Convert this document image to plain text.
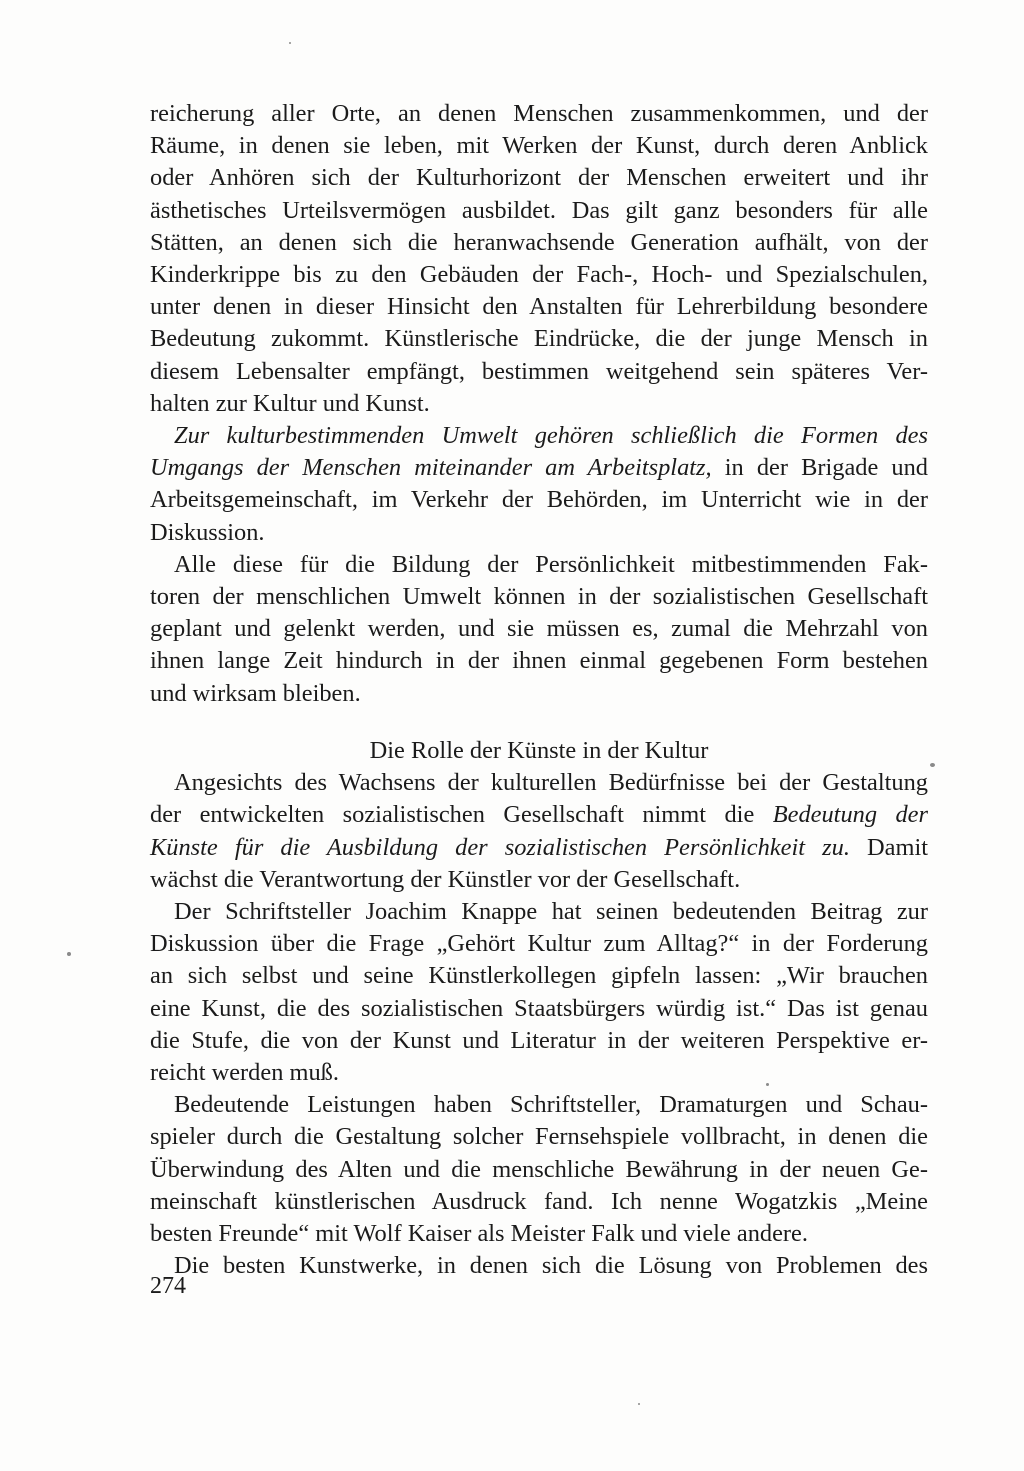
reicherung aller Orte, an denen Menschen zusammenkommen, und der
Räume, in denen sie leben, mit Werken der Kunst, durch deren Anblick
oder Anhören sich der Kulturhorizont der Menschen erweitert und ihr
ästhetisches Urteilsvermögen ausbildet. Das gilt ganz besonders für alle
Stätten, an denen sich die heranwachsende Generation aufhält, von der
Kinderkrippe bis zu den Gebäuden der Fach-, Hoch- und Spezialschulen,
unter denen in dieser Hinsicht den Anstalten für Lehrerbildung besondere
Bedeutung zukommt. Künstlerische Eindrücke, die der junge Mensch in
diesem Lebensalter empfängt, bestimmen weitgehend sein späteres Ver-
halten zur Kultur und Kunst.

Zur kulturbestimmenden Umwelt gehören schließlich die Formen des
Umgangs der Menschen miteinander am Arbeitsplatz, in der Brigade und
Arbeitsgemeinschaft, im Verkehr der Behörden, im Unterricht wie in der
Diskussion.

Alle diese für die Bildung der Persönlichkeit mitbestimmenden Fak-
toren der menschlichen Umwelt können in der sozialistischen Gesellschaft
geplant und gelenkt werden, und sie müssen es, zumal die Mehrzahl von
ihnen lange Zeit hindurch in der ihnen einmal gegebenen Form bestehen
und wirksam bleiben.

Die Rolle der Künste in der Kultur

Angesichts des Wachsens der kulturellen Bedürfnisse bei der Gestaltung
der entwickelten sozialistischen Gesellschaft nimmt die Bedeutung der
Künste für die Ausbildung der sozialistischen Persönlichkeit zu. Damit
wächst die Verantwortung der Künstler vor der Gesellschaft.

Der Schriftsteller Joachim Knappe hat seinen bedeutenden Beitrag zur
Diskussion über die Frage „Gehört Kultur zum Alltag?“ in der Forderung
an sich selbst und seine Künstlerkollegen gipfeln lassen: „Wir brauchen
eine Kunst, die des sozialistischen Staatsbürgers würdig ist.“ Das ist genau
die Stufe, die von der Kunst und Literatur in der weiteren Perspektive er-
reicht werden muß.

Bedeutende Leistungen haben Schriftsteller, Dramaturgen und Schau-
spieler durch die Gestaltung solcher Fernsehspiele vollbracht, in denen die
Überwindung des Alten und die menschliche Bewährung in der neuen Ge-
meinschaft künstlerischen Ausdruck fand. Ich nenne Wogatzkis „Meine
besten Freunde“ mit Wolf Kaiser als Meister Falk und viele andere.

Die besten Kunstwerke, in denen sich die Lösung von Problemen des

274
